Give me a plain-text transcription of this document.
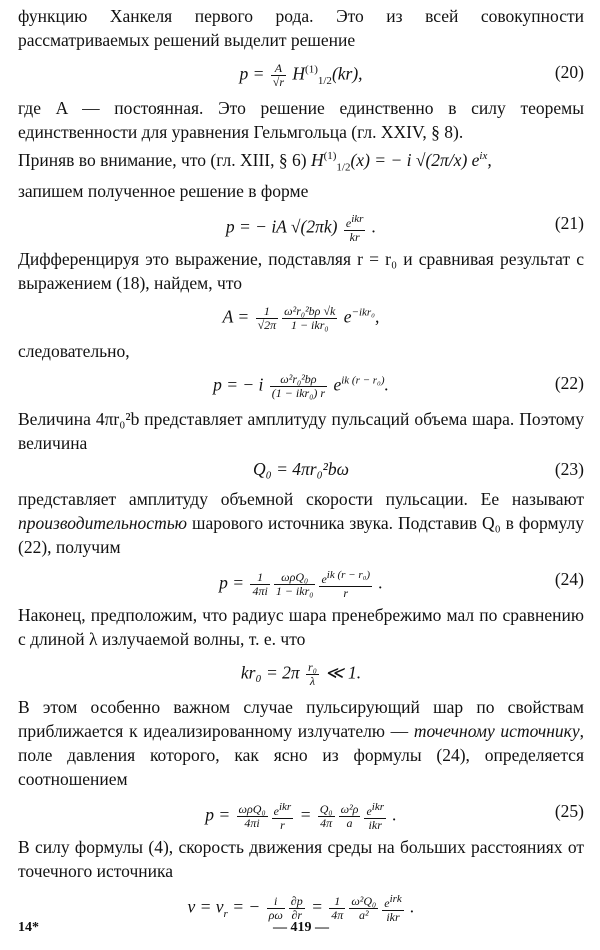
функцию Ханкеля первого рода. Это из всей совокупности рассматриваемых решений выделит решение

$p = \frac{A}{√r} H^{(1)}_{1/2}(kr)$,	(20)

где A — постоянная. Это решение единственно в силу теоремы единственности для уравнения Гельмгольца (гл. XXIV, § 8).

Приняв во внимание, что (гл. XIII, § 6) $H^{(1)}_{1/2}(x)$ = − i √(2π/x) $e^{ix}$,

запишем полученное решение в форме

p = − iA $√(2\pi k) \frac{e^{ikr}}{kr}$ .	(21)

Дифференцируя это выражение, подставляя r = r₀ и сравнивая результат с выражением (18), найдем, что

$A = \frac{1}{√2\pi} \frac{\text{ω²r₀²bρ √k}}{\text{1 − ikr₀}} e^{-ikr_0}$,

следовательно,

p = − i $\frac{\text{ω²r₀²bρ}}{\text{(1 − ikr₀) r}} e^{ik (r - r_0)}$.	(22)

Величина 4πr₀²b представляет амплитуду пульсаций объема шара. Поэтому величина

Q₀ = 4πr₀²bω	(23)

представляет амплитуду объемной скорости пульсации. Ее называют производительностью шарового источника звука. Подставив Q₀ в формулу (22), получим

$p = \frac{1}{4\pi i} \frac{\text{ωρQ₀}}{\text{1 − ikr₀}} \frac{e^{ik (r - r_0)}}{r}$ .	(24)

Наконец, предположим, что радиус шара пренебрежимо мал по сравнению с длиной λ излучаемой волны, т. е. что

$kr_0 = 2\pi \frac{\text{r₀}}{\lambda}$ ≪ 1.

В этом особенно важном случае пульсирующий шар по свойствам приближается к идеализированному излучателю — точечному источнику, поле давления которого, как ясно из формулы (24), определяется соотношением

$p = \frac{\text{ωρQ₀}}{4\pi i} \frac{e^{ikr}}{r} = \frac{\text{Q₀}}{4\pi} \frac{\text{ω²ρ}}{a} \frac{e^{ikr}}{\text{ikr}}$ .	(25)

В силу формулы (4), скорость движения среды на больших расстояниях от точечного источника

$v = v_r$ = − $\frac{i}{\rho\omega} \frac{\partial p}{\partial r} = \frac{1}{4\pi} \frac{\text{ω²Q₀}}{\text{a²}} \frac{e^{irk}}{\text{ikr}}$ .
14*	— 419 —
